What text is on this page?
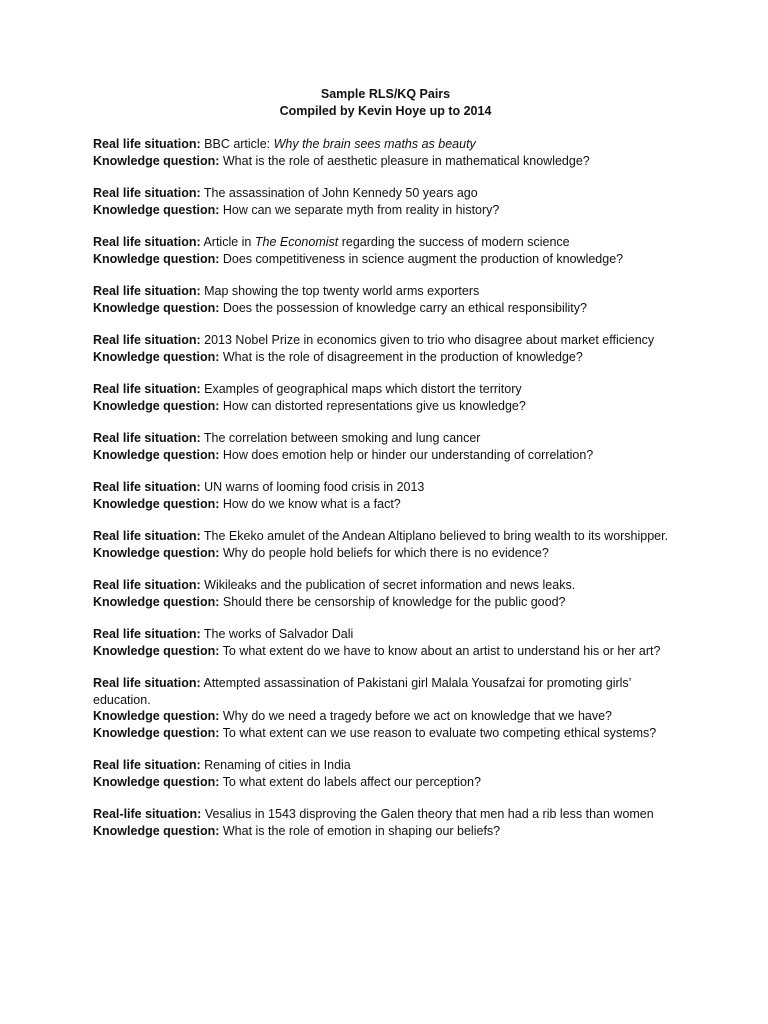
Sample RLS/KQ Pairs

Compiled by Kevin Hoye up to 2014

Real life situation: BBC article: Why the brain sees maths as beauty

Knowledge question: What is the role of aesthetic pleasure in mathematical knowledge?

Real life situation: The assassination of John Kennedy 50 years ago

Knowledge question: How can we separate myth from reality in history?

Real life situation: Article in The Economist regarding the success of modern science

Knowledge question: Does competitiveness in science augment the production of knowledge?

Real life situation: Map showing the top twenty world arms exporters

Knowledge question: Does the possession of knowledge carry an ethical responsibility?

Real life situation: 2013 Nobel Prize in economics given to trio who disagree about market efficiency

Knowledge question: What is the role of disagreement in the production of knowledge?

Real life situation: Examples of geographical maps which distort the territory

Knowledge question: How can distorted representations give us knowledge?

Real life situation: The correlation between smoking and lung cancer

Knowledge question: How does emotion help or hinder our understanding of correlation?

Real life situation: UN warns of looming food crisis in 2013

Knowledge question: How do we know what is a fact?

Real life situation: The Ekeko amulet of the Andean Altiplano believed to bring wealth to its worshipper.

Knowledge question: Why do people hold beliefs for which there is no evidence?

Real life situation: Wikileaks and the publication of secret information and news leaks.

Knowledge question: Should there be censorship of knowledge for the public good?

Real life situation: The works of Salvador Dali

Knowledge question: To what extent do we have to know about an artist to understand his or her art?

Real life situation: Attempted assassination of Pakistani girl Malala Yousafzai for promoting girls’ education.

Knowledge question: Why do we need a tragedy before we act on knowledge that we have?

Knowledge question: To what extent can we use reason to evaluate two competing ethical systems?

Real life situation: Renaming of cities in India

Knowledge question: To what extent do labels affect our perception?

Real-life situation: Vesalius in 1543 disproving the Galen theory that men had a rib less than women

Knowledge question: What is the role of emotion in shaping our beliefs?
